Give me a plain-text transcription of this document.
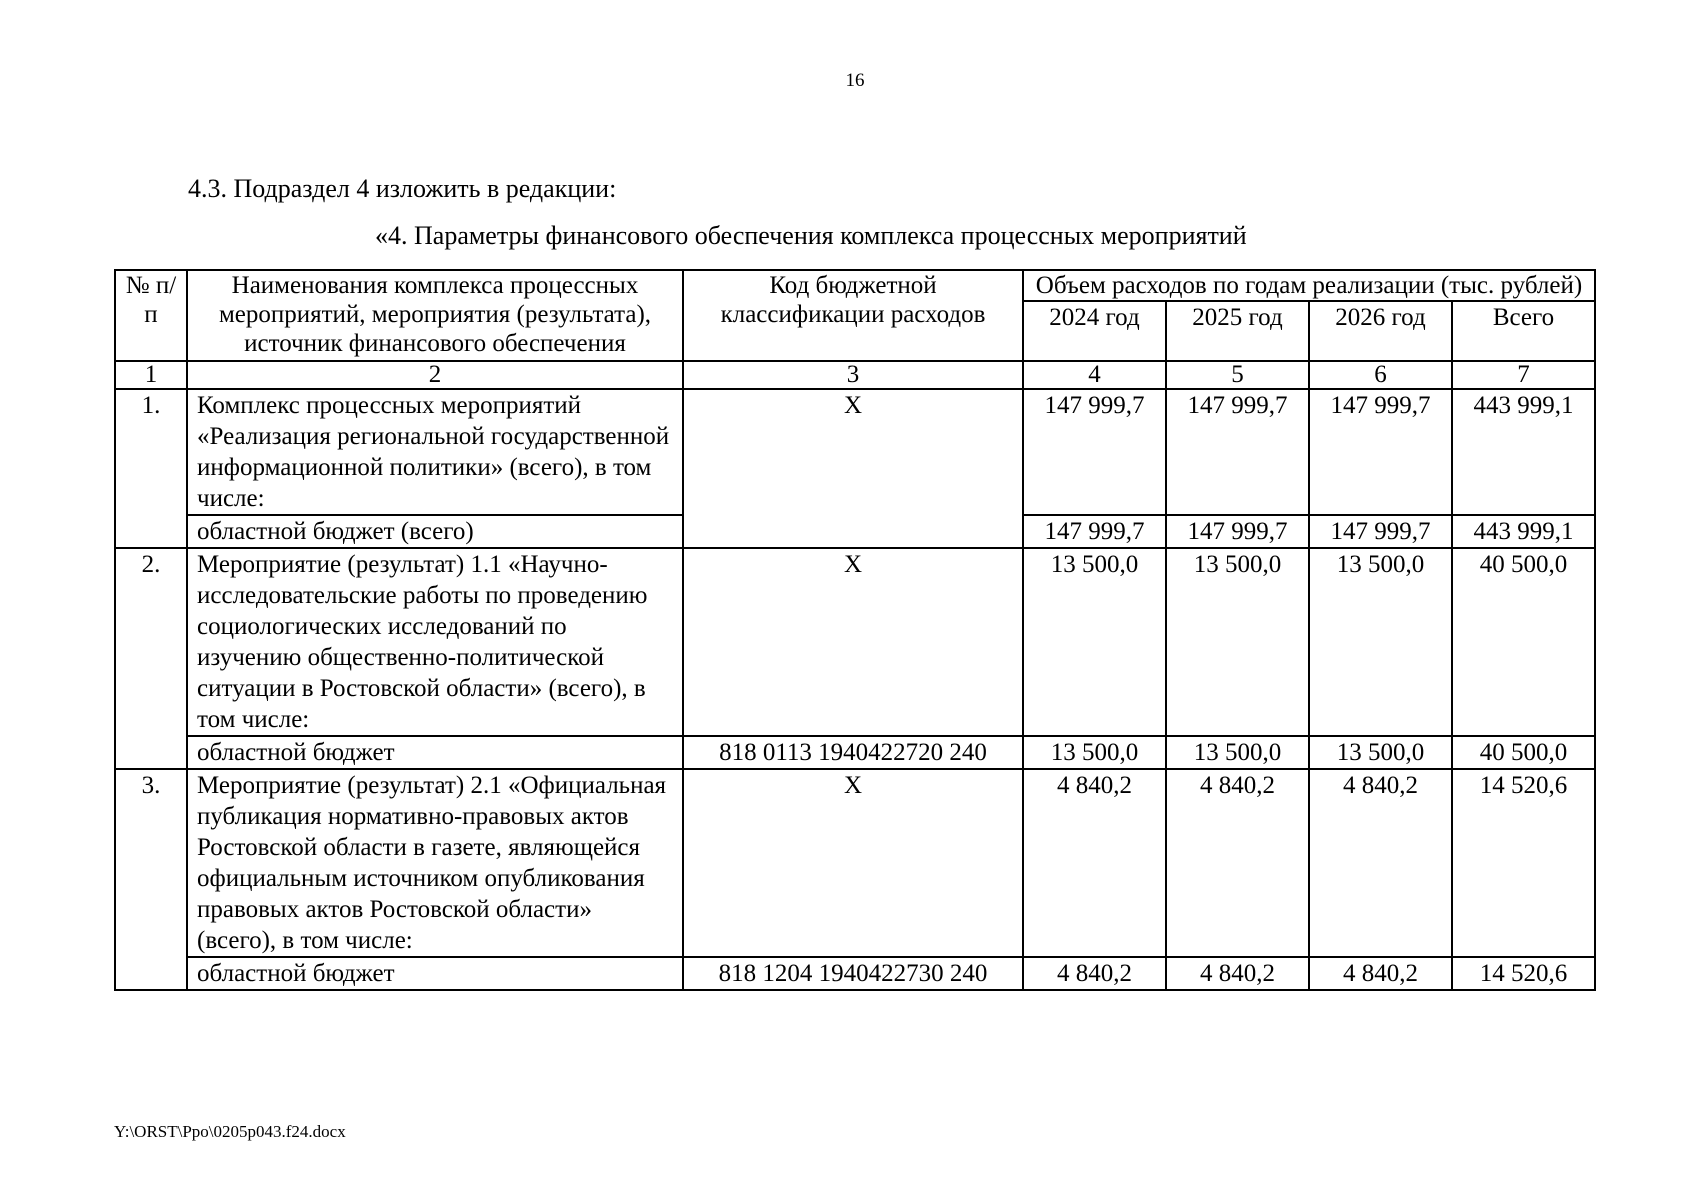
16
4.3. Подраздел 4 изложить в редакции:
«4. Параметры финансового обеспечения комплекса процессных мероприятий
№ п/п	Наименования комплекса процессных мероприятий, мероприятия (результата), источник финансового обеспечения	Код бюджетной классификации расходов	Объем расходов по годам реализации (тыс. рублей)			
			2024 год	2025 год	2026 год	Всего
1	2	3	4	5	6	7
1.	Комплекс процессных мероприятий «Реализация региональной государственной информационной политики» (всего), в том числе:	X	147 999,7	147 999,7	147 999,7	443 999,1
	областной бюджет (всего)		147 999,7	147 999,7	147 999,7	443 999,1
2.	Мероприятие (результат) 1.1 «Научно-исследовательские работы по проведению социологических исследований по изучению общественно-политической ситуации в Ростовской области» (всего), в том числе:	X	13 500,0	13 500,0	13 500,0	40 500,0
	областной бюджет	818 0113 1940422720 240	13 500,0	13 500,0	13 500,0	40 500,0
3.	Мероприятие (результат) 2.1 «Официальная публикация нормативно-правовых актов Ростовской области в газете, являющейся официальным источником опубликования правовых актов Ростовской области» (всего), в том числе:	X	4 840,2	4 840,2	4 840,2	14 520,6
	областной бюджет	818 1204 1940422730 240	4 840,2	4 840,2	4 840,2	14 520,6
Y:\ORST\Ppo\0205p043.f24.docx
